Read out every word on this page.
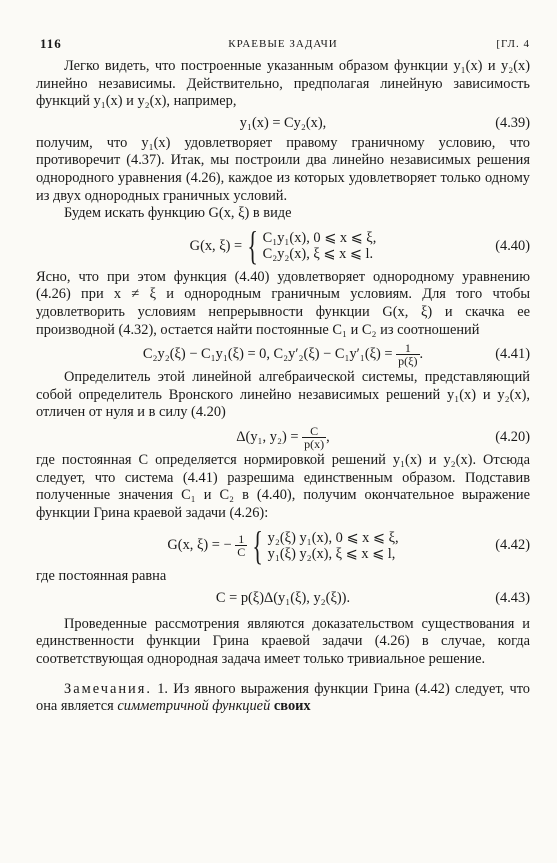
116	КРАЕВЫЕ ЗАДАЧИ	[ГЛ. 4

Легко видеть, что построенные указанным образом функции y₁(x) и y₂(x) линейно независимы. Действительно, предполагая линейную зависимость функций y₁(x) и y₂(x), например,

y₁(x) = Cy₂(x),	(4.39)

получим, что y₁(x) удовлетворяет правому граничному условию, что противоречит (4.37). Итак, мы построили два линейно независимых решения однородного уравнения (4.26), каждое из которых удовлетворяет только одному из двух однородных граничных условий.

Будем искать функцию G(x, ξ) в виде

G(x, ξ) = { C₁y₁(x), 0 ⩽ x ⩽ ξ,
C₂y₂(x), ξ ⩽ x ⩽ l.
(4.40)

Ясно, что при этом функция (4.40) удовлетворяет однородному уравнению (4.26) при x ≠ ξ и однородным граничным условиям. Для того чтобы удовлетворить условиям непрерывности функции G(x, ξ) и скачка ее производной (4.32), остается найти постоянные C₁ и C₂ из соотношений

C₂y₂(ξ) − C₁y₁(ξ) = 0, $C_2y'_2(\xi) - C_1y'_1(\xi) = \frac{1}{p(\xi)}$ .	(4.41)

Определитель этой линейной алгебраической системы, представляющий собой определитель Вронского линейно независимых решений y₁(x) и y₂(x), отличен от нуля и в силу (4.20)

Δ(y₁, $y_2) = \frac{C}{p(x)}$ ,	(4.20)

где постоянная C определяется нормировкой решений y₁(x) и y₂(x). Отсюда следует, что система (4.41) разрешима единственным образом. Подставив полученные значения C₁ и C₂ в (4.40), получим окончательное выражение функции Грина краевой задачи (4.26):

G(x, ξ) = − $\frac{1}{C}$ { y₂(ξ) y₁(x), 0 ⩽ x ⩽ ξ,
y₁(ξ) y₂(x), ξ ⩽ x ⩽ l,
(4.42)

где постоянная равна

C = p(ξ)Δ(y₁(ξ), y₂(ξ)).	(4.43)

Проведенные рассмотрения являются доказательством существования и единственности функции Грина краевой задачи (4.26) в случае, когда соответствующая однородная задача имеет только тривиальное решение.

Замечания. 1. Из явного выражения функции Грина (4.42) следует, что она является симметричной функцией своих
